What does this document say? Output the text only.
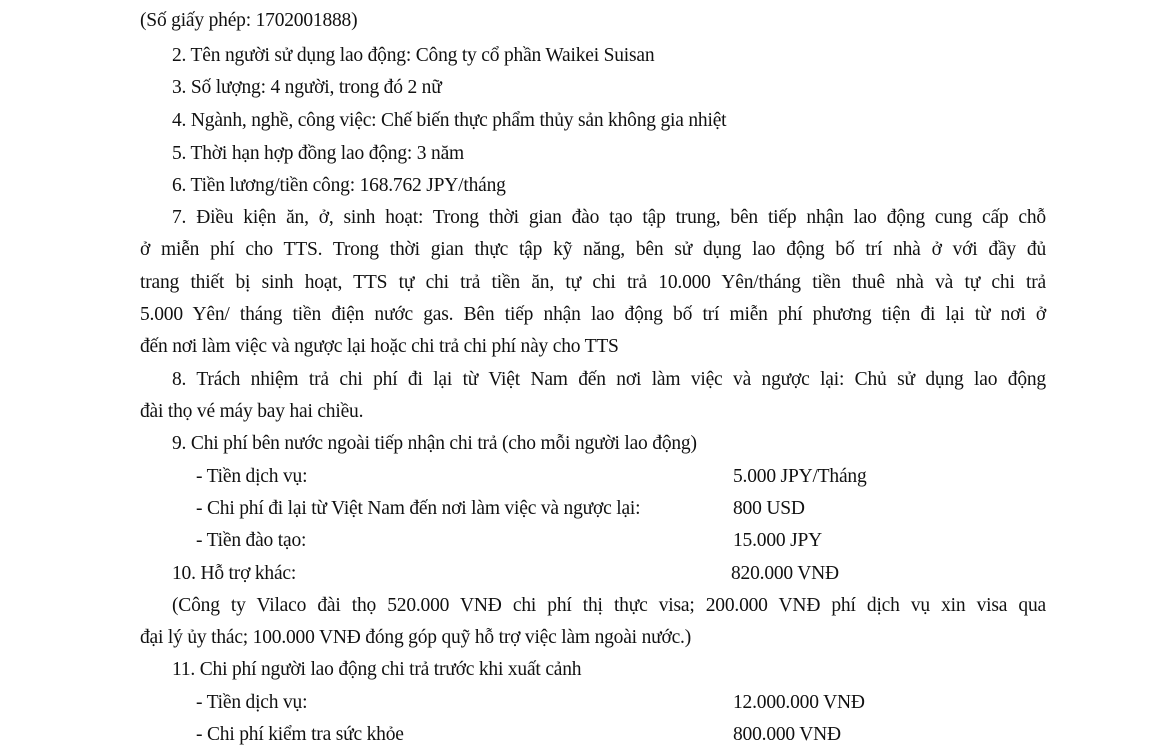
(Số giấy phép: 1702001888)
2. Tên người sử dụng lao động: Công ty cổ phần Waikei Suisan
3. Số lượng: 4 người, trong đó 2 nữ
4. Ngành, nghề, công việc: Chế biến thực phẩm thủy sản không gia nhiệt
5. Thời hạn hợp đồng lao động: 3 năm
6. Tiền lương/tiền công: 168.762 JPY/tháng
7. Điều kiện ăn, ở, sinh hoạt: Trong thời gian đào tạo tập trung, bên tiếp nhận lao động cung cấp chỗ
ở miễn phí cho TTS. Trong thời gian thực tập kỹ năng, bên sử dụng lao động bố trí nhà ở với đầy đủ
trang thiết bị sinh hoạt, TTS tự chi trả tiền ăn, tự chi trả 10.000 Yên/tháng tiền thuê nhà và tự chi trả
5.000 Yên/ tháng tiền điện nước gas. Bên tiếp nhận lao động bố trí miễn phí phương tiện đi lại từ nơi ở
đến nơi làm việc và ngược lại hoặc chi trả chi phí này cho TTS
8. Trách nhiệm trả chi phí đi lại từ Việt Nam đến nơi làm việc và ngược lại: Chủ sử dụng lao động
đài thọ vé máy bay hai chiều.
9. Chi phí bên nước ngoài tiếp nhận chi trả (cho mỗi người lao động)
- Tiền dịch vụ:	5.000 JPY/Tháng
- Chi phí đi lại từ Việt Nam đến nơi làm việc và ngược lại:	800 USD
- Tiền đào tạo:	15.000 JPY
10. Hỗ trợ khác:	820.000 VNĐ
(Công ty Vilaco đài thọ 520.000 VNĐ chi phí thị thực visa; 200.000 VNĐ phí dịch vụ xin visa qua
đại lý ủy thác; 100.000 VNĐ đóng góp quỹ hỗ trợ việc làm ngoài nước.)
11. Chi phí người lao động chi trả trước khi xuất cảnh
- Tiền dịch vụ:	12.000.000 VNĐ
- Chi phí kiểm tra sức khỏe	800.000 VNĐ
